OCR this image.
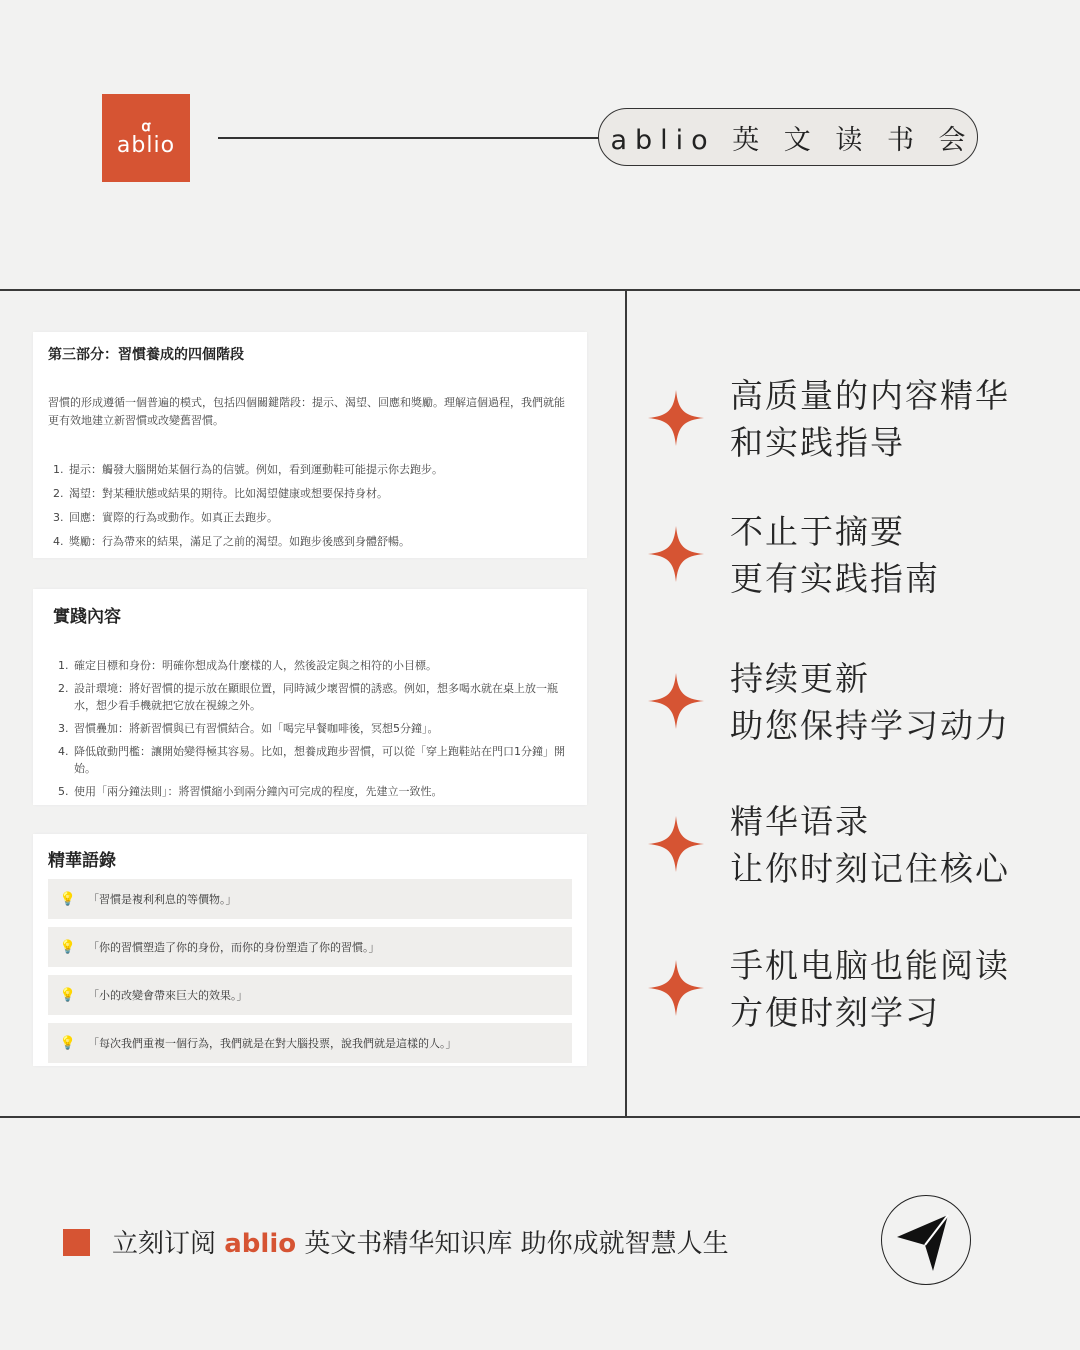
ꭤ
ablio	ablio 英 文 读 书 会
第三部分：習慣養成的四個階段

習慣的形成遵循一個普遍的模式，包括四個關鍵階段：提示、渴望、回應和獎勵。理解這個過程，我們就能更有效地建立新習慣或改變舊習慣。

1. 提示：觸發大腦開始某個行為的信號。例如，看到運動鞋可能提示你去跑步。
2. 渴望：對某種狀態或結果的期待。比如渴望健康或想要保持身材。
3. 回應：實際的行為或動作。如真正去跑步。
4. 獎勵：行為帶來的結果，滿足了之前的渴望。如跑步後感到身體舒暢。
實踐內容
1. 確定目標和身份：明確你想成為什麼樣的人，然後設定與之相符的小目標。
2. 設計環境：將好習慣的提示放在顯眼位置，同時減少壞習慣的誘惑。例如，想多喝水就在桌上放一瓶水，想少看手機就把它放在視線之外。
3. 習慣疊加：將新習慣與已有習慣結合。如「喝完早餐咖啡後，冥想5分鐘」。
4. 降低啟動門檻：讓開始變得極其容易。比如，想養成跑步習慣，可以從「穿上跑鞋站在門口1分鐘」開始。
5. 使用「兩分鐘法則」：將習慣縮小到兩分鐘內可完成的程度，先建立一致性。
精華語錄
💡	「習慣是複利利息的等價物。」
💡	「你的習慣塑造了你的身份，而你的身份塑造了你的習慣。」
💡	「小的改變會帶來巨大的效果。」
💡	「每次我們重複一個行為，我們就是在對大腦投票，說我們就是這樣的人。」
高质量的内容精华
和实践指导
不止于摘要
更有实践指南
持续更新
助您保持学习动力
精华语录
让你时刻记住核心
手机电脑也能阅读
方便时刻学习
立刻订阅 ablio 英文书精华知识库 助你成就智慧人生
